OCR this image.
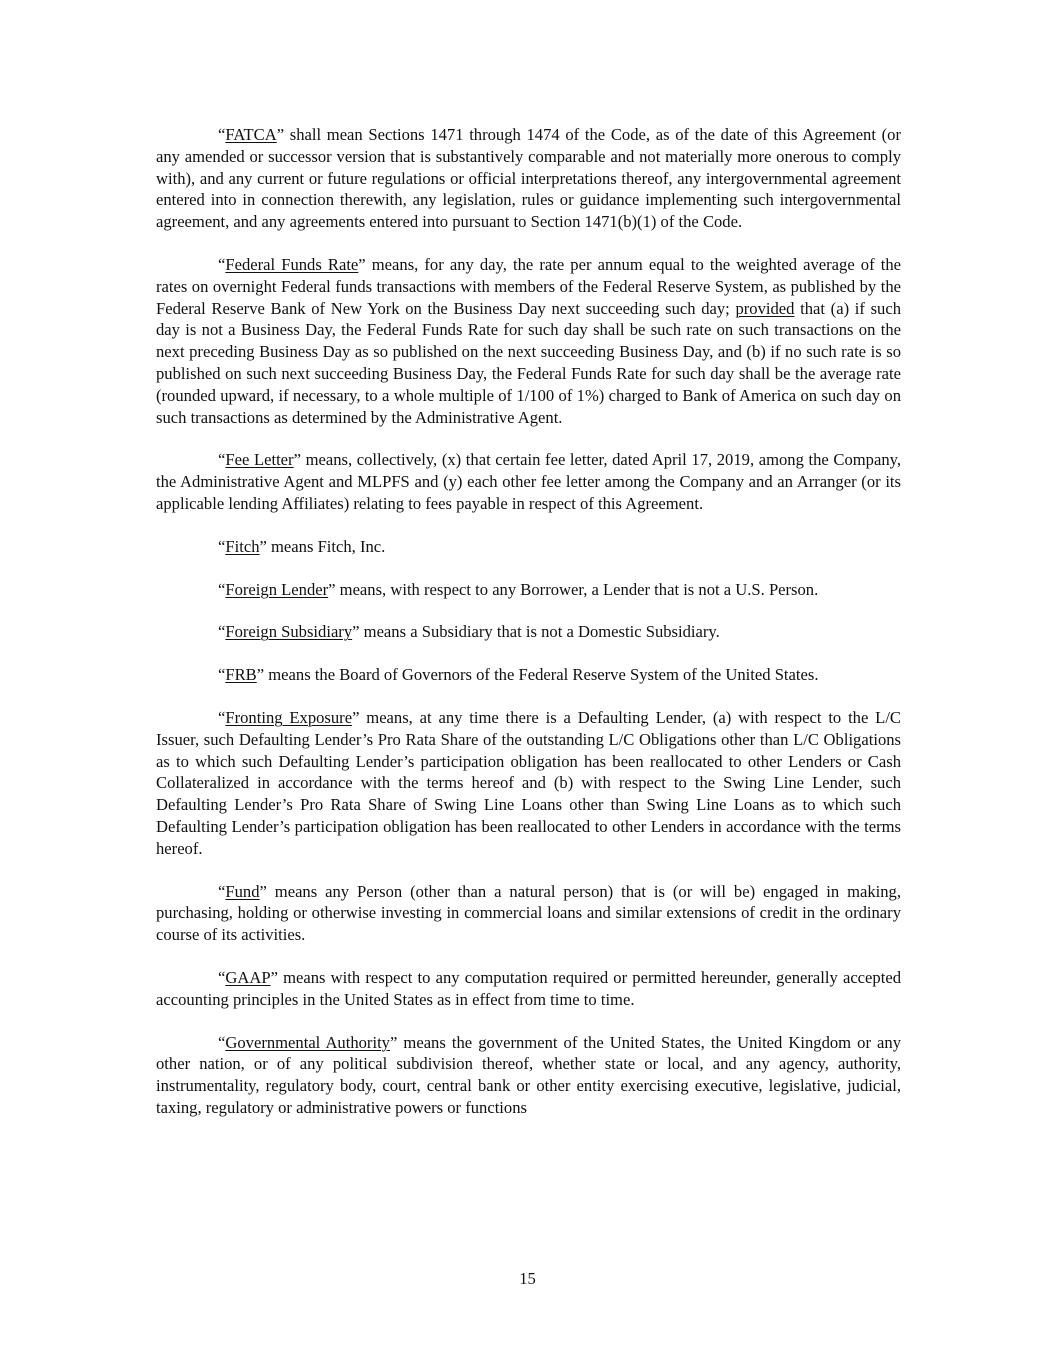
“FATCA” shall mean Sections 1471 through 1474 of the Code, as of the date of this Agreement (or any amended or successor version that is substantively comparable and not materially more onerous to comply with), and any current or future regulations or official interpretations thereof, any intergovernmental agreement entered into in connection therewith, any legislation, rules or guidance implementing such intergovernmental agreement, and any agreements entered into pursuant to Section 1471(b)(1) of the Code.

“Federal Funds Rate” means, for any day, the rate per annum equal to the weighted average of the rates on overnight Federal funds transactions with members of the Federal Reserve System, as published by the Federal Reserve Bank of New York on the Business Day next succeeding such day; provided that (a) if such day is not a Business Day, the Federal Funds Rate for such day shall be such rate on such transactions on the next preceding Business Day as so published on the next succeeding Business Day, and (b) if no such rate is so published on such next succeeding Business Day, the Federal Funds Rate for such day shall be the average rate (rounded upward, if necessary, to a whole multiple of 1/100 of 1%) charged to Bank of America on such day on such transactions as determined by the Administrative Agent.

“Fee Letter” means, collectively, (x) that certain fee letter, dated April 17, 2019, among the Company, the Administrative Agent and MLPFS and (y) each other fee letter among the Company and an Arranger (or its applicable lending Affiliates) relating to fees payable in respect of this Agreement.

“Fitch” means Fitch, Inc.

“Foreign Lender” means, with respect to any Borrower, a Lender that is not a U.S. Person.

“Foreign Subsidiary” means a Subsidiary that is not a Domestic Subsidiary.

“FRB” means the Board of Governors of the Federal Reserve System of the United States.

“Fronting Exposure” means, at any time there is a Defaulting Lender, (a) with respect to the L/C Issuer, such Defaulting Lender’s Pro Rata Share of the outstanding L/C Obligations other than L/C Obligations as to which such Defaulting Lender’s participation obligation has been reallocated to other Lenders or Cash Collateralized in accordance with the terms hereof and (b) with respect to the Swing Line Lender, such Defaulting Lender’s Pro Rata Share of Swing Line Loans other than Swing Line Loans as to which such Defaulting Lender’s participation obligation has been reallocated to other Lenders in accordance with the terms hereof.

“Fund” means any Person (other than a natural person) that is (or will be) engaged in making, purchasing, holding or otherwise investing in commercial loans and similar extensions of credit in the ordinary course of its activities.

“GAAP” means with respect to any computation required or permitted hereunder, generally accepted accounting principles in the United States as in effect from time to time.

“Governmental Authority” means the government of the United States, the United Kingdom or any other nation, or of any political subdivision thereof, whether state or local, and any agency, authority, instrumentality, regulatory body, court, central bank or other entity exercising executive, legislative, judicial, taxing, regulatory or administrative powers or functions

15
